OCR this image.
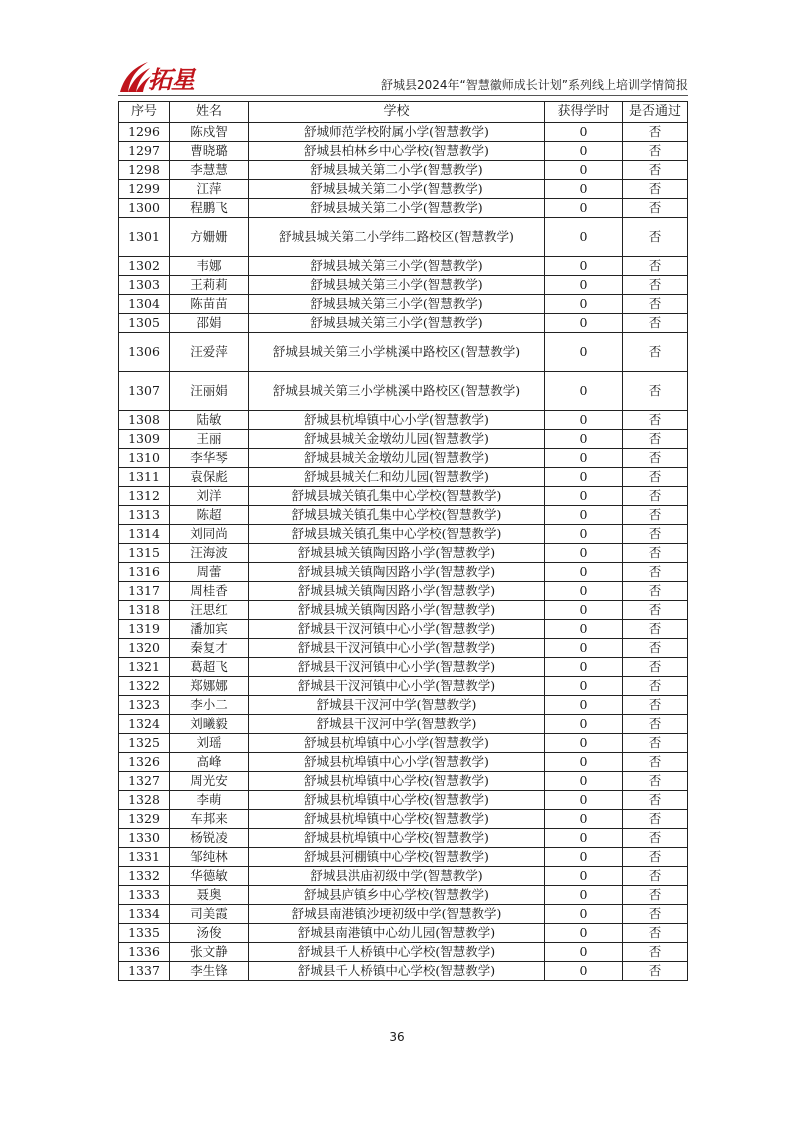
拓星	舒城县2024年“智慧徽师成长计划”系列线上培训学情简报
序号	姓名	学校	获得学时	是否通过
1296	陈戍智	舒城师范学校附属小学(智慧教学)	0	否
1297	曹晓璐	舒城县柏林乡中心学校(智慧教学)	0	否
1298	李慧慧	舒城县城关第二小学(智慧教学)	0	否
1299	江萍	舒城县城关第二小学(智慧教学)	0	否
1300	程鹏飞	舒城县城关第二小学(智慧教学)	0	否
1301	方姗姗	舒城县城关第二小学纬二路校区(智慧教学)	0	否
1302	韦娜	舒城县城关第三小学(智慧教学)	0	否
1303	王莉莉	舒城县城关第三小学(智慧教学)	0	否
1304	陈苗苗	舒城县城关第三小学(智慧教学)	0	否
1305	邵娟	舒城县城关第三小学(智慧教学)	0	否
1306	汪爱萍	舒城县城关第三小学桃溪中路校区(智慧教学)	0	否
1307	汪丽娟	舒城县城关第三小学桃溪中路校区(智慧教学)	0	否
1308	陆敏	舒城县杭埠镇中心小学(智慧教学)	0	否
1309	王丽	舒城县城关金墩幼儿园(智慧教学)	0	否
1310	李华琴	舒城县城关金墩幼儿园(智慧教学)	0	否
1311	袁保彪	舒城县城关仁和幼儿园(智慧教学)	0	否
1312	刘洋	舒城县城关镇孔集中心学校(智慧教学)	0	否
1313	陈超	舒城县城关镇孔集中心学校(智慧教学)	0	否
1314	刘同尚	舒城县城关镇孔集中心学校(智慧教学)	0	否
1315	汪海波	舒城县城关镇陶因路小学(智慧教学)	0	否
1316	周蕾	舒城县城关镇陶因路小学(智慧教学)	0	否
1317	周桂香	舒城县城关镇陶因路小学(智慧教学)	0	否
1318	汪思红	舒城县城关镇陶因路小学(智慧教学)	0	否
1319	潘加宾	舒城县干汊河镇中心小学(智慧教学)	0	否
1320	秦复才	舒城县干汊河镇中心小学(智慧教学)	0	否
1321	葛超飞	舒城县干汊河镇中心小学(智慧教学)	0	否
1322	郑娜娜	舒城县干汊河镇中心小学(智慧教学)	0	否
1323	李小二	舒城县干汊河中学(智慧教学)	0	否
1324	刘曦毅	舒城县干汊河中学(智慧教学)	0	否
1325	刘瑶	舒城县杭埠镇中心小学(智慧教学)	0	否
1326	高峰	舒城县杭埠镇中心小学(智慧教学)	0	否
1327	周光安	舒城县杭埠镇中心学校(智慧教学)	0	否
1328	李萌	舒城县杭埠镇中心学校(智慧教学)	0	否
1329	车邦来	舒城县杭埠镇中心学校(智慧教学)	0	否
1330	杨锐凌	舒城县杭埠镇中心学校(智慧教学)	0	否
1331	邹纯林	舒城县河棚镇中心学校(智慧教学)	0	否
1332	华德敏	舒城县洪庙初级中学(智慧教学)	0	否
1333	聂奥	舒城县庐镇乡中心学校(智慧教学)	0	否
1334	司美霞	舒城县南港镇沙埂初级中学(智慧教学)	0	否
1335	汤俊	舒城县南港镇中心幼儿园(智慧教学)	0	否
1336	张文静	舒城县千人桥镇中心学校(智慧教学)	0	否
1337	李生锋	舒城县千人桥镇中心学校(智慧教学)	0	否
36
